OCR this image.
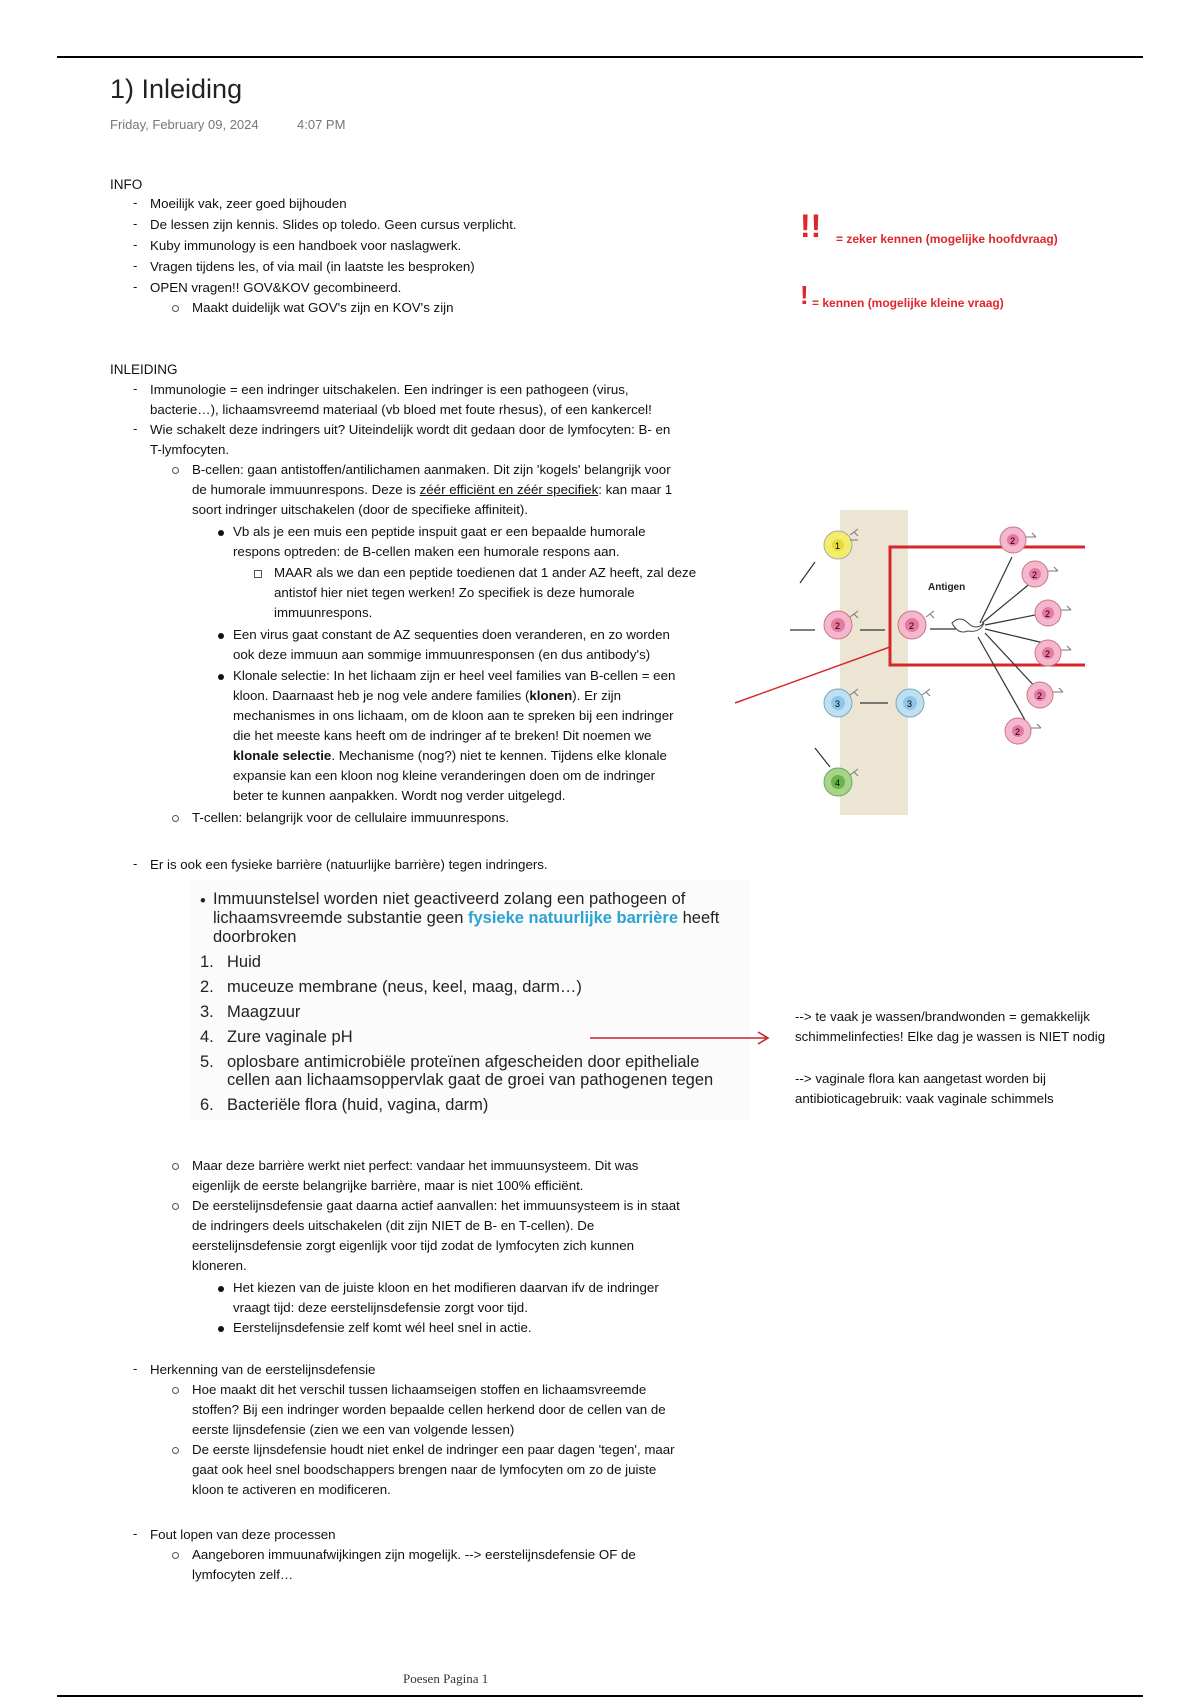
1) Inleiding
Friday, February 09, 2024	4:07 PM
INFO
- Moeilijk vak, zeer goed bijhouden
- De lessen zijn kennis. Slides op toledo. Geen cursus verplicht.
- Kuby immunology is een handboek voor naslagwerk.
- Vragen tijdens les, of via mail (in laatste les besproken)
- OPEN vragen!! GOV&KOV gecombineerd.
Maakt duidelijk wat GOV's zijn en KOV's zijn
!! = zeker kennen (mogelijke hoofdvraag)
! = kennen (mogelijke kleine vraag)
INLEIDING
- Immunologie = een indringer uitschakelen. Een indringer is een pathogeen (virus,
bacterie…), lichaamsvreemd materiaal (vb bloed met foute rhesus), of een kankercel!
- Wie schakelt deze indringers uit? Uiteindelijk wordt dit gedaan door de lymfocyten: B- en
T-lymfocyten.
B-cellen: gaan antistoffen/antilichamen aanmaken. Dit zijn 'kogels' belangrijk voor
de humorale immuunrespons. Deze is zéér efficiënt en zéér specifiek: kan maar 1
soort indringer uitschakelen (door de specifieke affiniteit).
Vb als je een muis een peptide inspuit gaat er een bepaalde humorale
respons optreden: de B-cellen maken een humorale respons aan.
MAAR als we dan een peptide toedienen dat 1 ander AZ heeft, zal deze
antistof hier niet tegen werken! Zo specifiek is deze humorale
immuunrespons.
Een virus gaat constant de AZ sequenties doen veranderen, en zo worden
ook deze immuun aan sommige immuunresponsen (en dus antibody's)
Klonale selectie: In het lichaam zijn er heel veel families van B-cellen = een
kloon. Daarnaast heb je nog vele andere families (klonen). Er zijn
mechanismes in ons lichaam, om de kloon aan te spreken bij een indringer
die het meeste kans heeft om de indringer af te breken! Dit noemen we
klonale selectie. Mechanisme (nog?) niet te kennen. Tijdens elke klonale
expansie kan een kloon nog kleine veranderingen doen om de indringer
beter te kunnen aanpakken. Wordt nog verder uitgelegd.
T-cellen: belangrijk voor de cellulaire immuunrespons.
- Er is ook een fysieke barrière (natuurlijke barrière) tegen indringers.
Antigen
1
2	2
3	3
4
2
2
2
2
2
2
• Immuunstelsel worden niet geactiveerd zolang een pathogeen of
lichaamsvreemde substantie geen fysieke natuurlijke barrière heeft
doorbroken
1. Huid
2. muceuze membrane (neus, keel, maag, darm…)
3. Maagzuur
4. Zure vaginale pH
5. oplosbare antimicrobiële proteïnen afgescheiden door epitheliale
cellen aan lichaamsoppervlak gaat de groei van pathogenen tegen
6. Bacteriële flora (huid, vagina, darm)
--> te vaak je wassen/brandwonden = gemakkelijk
schimmelinfecties! Elke dag je wassen is NIET nodig
--> vaginale flora kan aangetast worden bij
antibioticagebruik: vaak vaginale schimmels
Maar deze barrière werkt niet perfect: vandaar het immuunsysteem. Dit was
eigenlijk de eerste belangrijke barrière, maar is niet 100% efficiënt.
De eerstelijnsdefensie gaat daarna actief aanvallen: het immuunsysteem is in staat
de indringers deels uitschakelen (dit zijn NIET de B- en T-cellen). De
eerstelijnsdefensie zorgt eigenlijk voor tijd zodat de lymfocyten zich kunnen
kloneren.
Het kiezen van de juiste kloon en het modifieren daarvan ifv de indringer
vraagt tijd: deze eerstelijnsdefensie zorgt voor tijd.
Eerstelijnsdefensie zelf komt wél heel snel in actie.
- Herkenning van de eerstelijnsdefensie
Hoe maakt dit het verschil tussen lichaamseigen stoffen en lichaamsvreemde
stoffen? Bij een indringer worden bepaalde cellen herkend door de cellen van de
eerste lijnsdefensie (zien we een van volgende lessen)
De eerste lijnsdefensie houdt niet enkel de indringer een paar dagen 'tegen', maar
gaat ook heel snel boodschappers brengen naar de lymfocyten om zo de juiste
kloon te activeren en modificeren.
- Fout lopen van deze processen
Aangeboren immuunafwijkingen zijn mogelijk. --> eerstelijnsdefensie OF de
lymfocyten zelf…
Poesen Pagina 1
